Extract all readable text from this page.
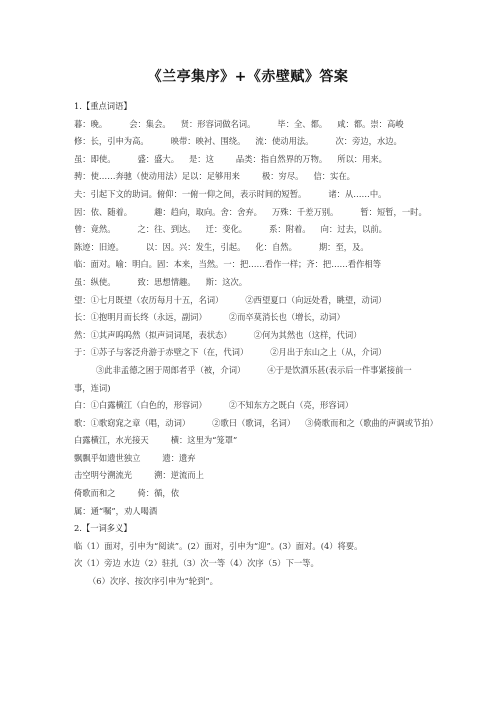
《兰亭集序》+《赤壁赋》答案
1.【重点词语】
暮：晚。	会：集会。 贤：形容词做名词。	毕：全、都。 咸：都。崇：高峻
修：长，引申为高。	映带：映衬、围绕。 流：使动用法。	次：旁边，水边。
虽：即使。	盛：盛大。 是：这	品类：指自然界的万物。 所以：用来。
骋：使……奔驰（使动用法）足以：足够用来	极：穷尽。 信：实在。
夫：引起下文的助词。俯仰：一俯一仰之间，表示时间的短暂。	诸：从……中。
因：依、随着。	趣：趋向，取向。舍：舍弃。 万殊：千差万别。	暂：短暂，一时。
曾：竟然。	之：往、到达。 迁：变化。	系：附着。 向：过去，以前。
陈迹：旧迹。	以：因。兴：发生，引起。 化：自然。	期：至，及。
临：面对。喻：明白。固：本来，当然。一：把……看作一样；齐：把……看作相等
虽：纵使。	致：思想情趣。 斯：这次。
望：①七月既望（农历每月十五，名词）	②西望夏口（向远处看，眺望，动词）
长：①抱明月而长终（永远，副词）	②而卒莫消长也（增长，动词）
然：①其声呜呜然（拟声词词尾，表状态）	②何为其然也（这样，代词）
于：①苏子与客泛舟游于赤壁之下（在，代词）	②月出于东山之上（从，介词）
③此非孟德之困于周郎者乎（被，介词）	④于是饮酒乐甚(表示后一件事紧接前一
事，连词)
白：①白露横江（白色的，形容词）	②不知东方之既白（亮，形容词）
歌：①歌窈窕之章（唱，动词）	②歌曰（歌词，名词） ③倚歌而和之（歌曲的声调或节拍）
白露横江，水光接天	横：这里为“笼罩”
飘飘乎如遗世独立	遗：遗弃
击空明兮溯流光	溯：逆流而上
倚歌而和之	倚：循，依
属：通“嘱”，劝人喝酒
2.【一词多义】
临（1）面对，引申为“阅读”。(2）面对，引申为“迎”。(3）面对。(4）将要。
次（1）旁边 水边（2）驻扎（3）次一等（4）次序（5）下一等。
（6）次序、按次序引申为“轮到”。
